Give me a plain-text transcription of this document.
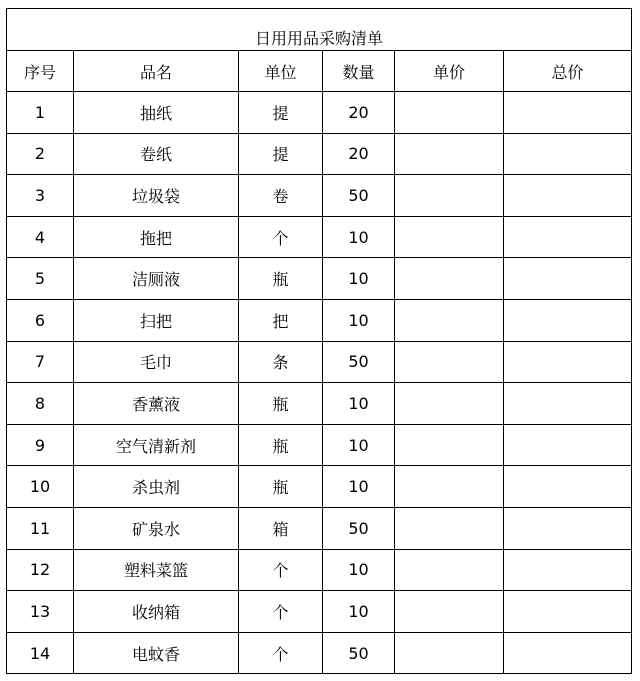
日用用品采购清单					
序号	品名	单位	数量	单价	总价
1	抽纸	提	20		
2	卷纸	提	20		
3	垃圾袋	卷	50		
4	拖把	个	10		
5	洁厕液	瓶	10		
6	扫把	把	10		
7	毛巾	条	50		
8	香薰液	瓶	10		
9	空气清新剂	瓶	10		
10	杀虫剂	瓶	10		
11	矿泉水	箱	50		
12	塑料菜篮	个	10		
13	收纳箱	个	10		
14	电蚊香	个	50		
